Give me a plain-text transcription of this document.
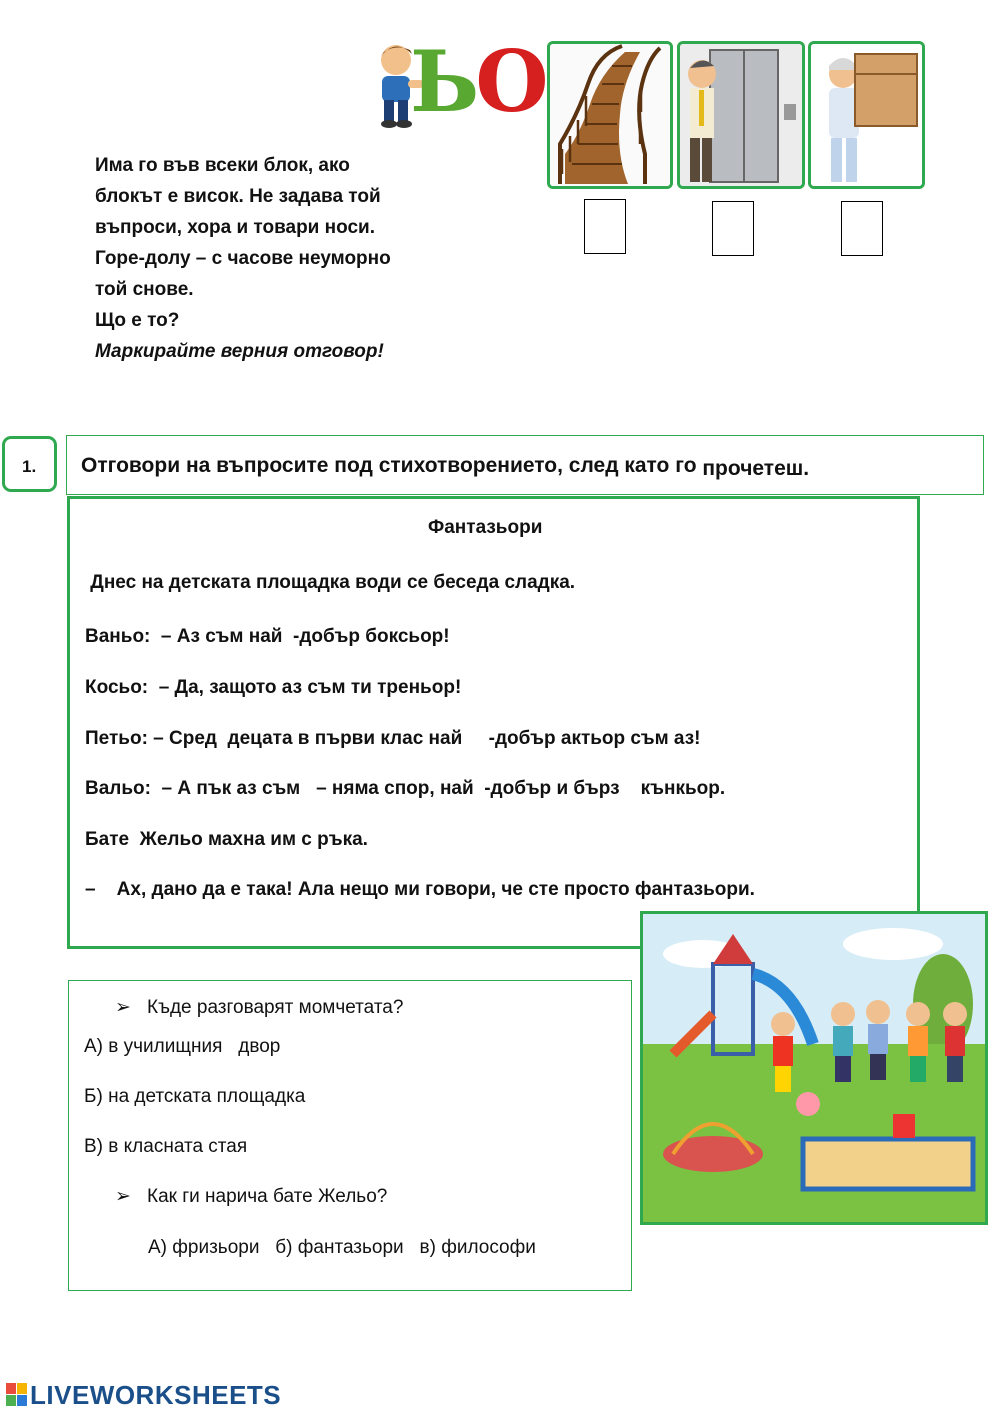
ЬО

Има го във всеки блок, ако

блокът е висок. Не задава той

въпроси, хора и товари носи.

Горе-долу – с часове неуморно

той снове.

Що е то?

Маркирайте верния отговор!

1. Отговори на въпросите под стихотворението, след като го прочетеш.
Фантазьори
Днес на детската площадка води се беседа сладка.
Ваньо:  – Аз съм най  -добър боксьор!
Косьо:  – Да, защото аз съм ти треньор!
Петьо: – Сред  децата в първи клас най     -добър актьор съм аз!
Вальо:  – А пък аз съм   – няма спор, най  -добър и бърз    кънкьор.
Бате  Жельо махна им с ръка.
–    Ах, дано да е така! Ала нещо ми говори, че сте просто фантазьори.
➢ Къде разговарят момчетата?
А) в училищния   двор
Б) на детската площадка
В) в класната стая
➢ Как ги нарича бате Жельо?
А) фризьори   б) фантазьори   в) философи
LIVEWORKSHEETS
